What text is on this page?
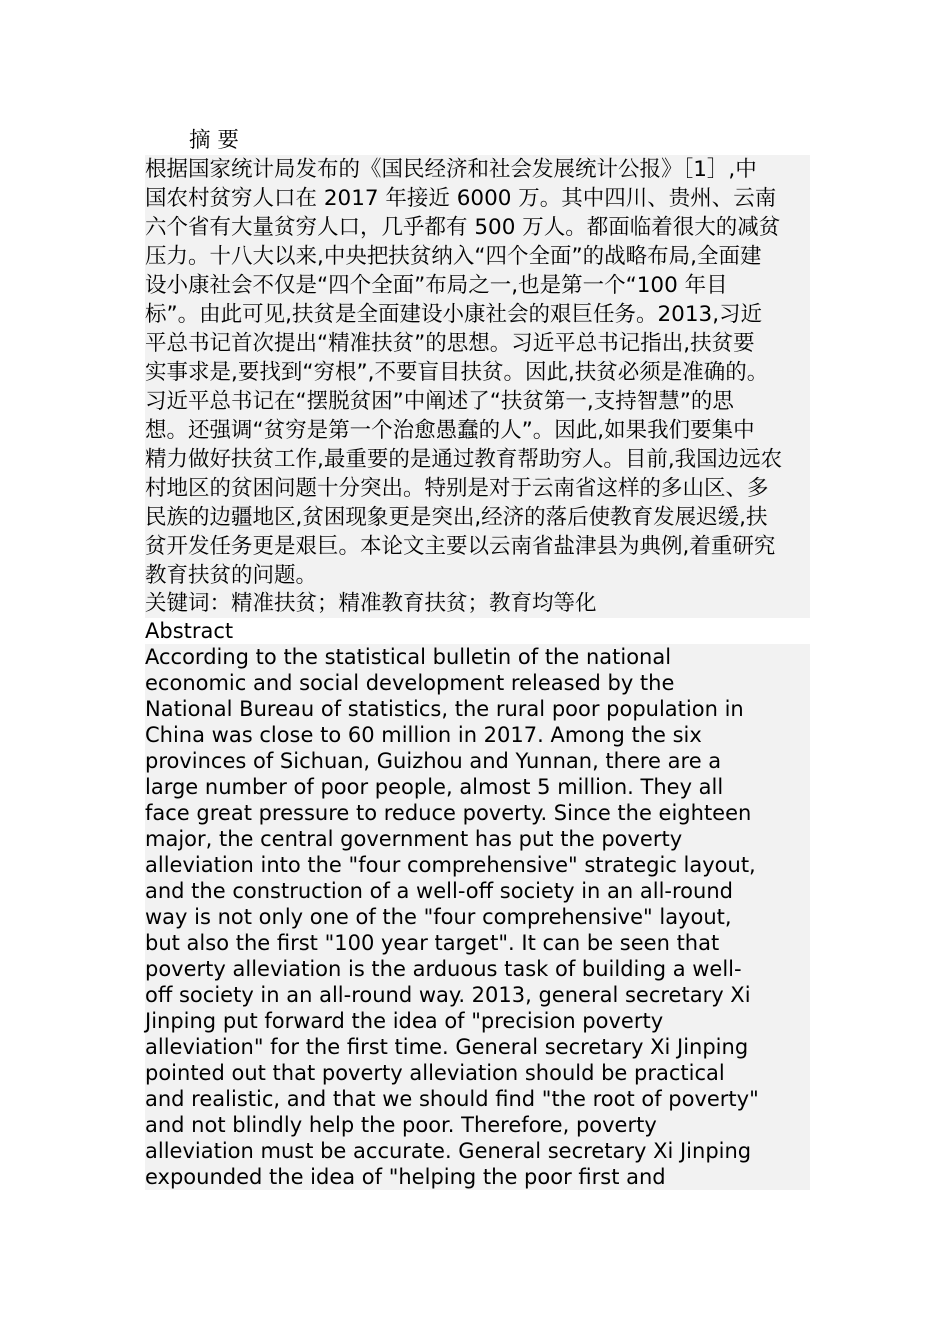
摘 要
根据国家统计局发布的《国民经济和社会发展统计公报》［1］,中
国农村贫穷人口在 2017 年接近 6000 万。其中四川、贵州、云南
六个省有大量贫穷人口，几乎都有 500 万人。都面临着很大的减贫
压力。十八大以来,中央把扶贫纳入“四个全面”的战略布局,全面建
设小康社会不仅是“四个全面”布局之一,也是第一个“100 年目
标”。由此可见,扶贫是全面建设小康社会的艰巨任务。2013,习近
平总书记首次提出“精准扶贫”的思想。习近平总书记指出,扶贫要
实事求是,要找到“穷根”,不要盲目扶贫。因此,扶贫必须是准确的。
习近平总书记在“摆脱贫困”中阐述了“扶贫第一,支持智慧”的思
想。还强调“贫穷是第一个治愈愚蠢的人”。因此,如果我们要集中
精力做好扶贫工作,最重要的是通过教育帮助穷人。目前,我国边远农
村地区的贫困问题十分突出。特别是对于云南省这样的多山区、多
民族的边疆地区,贫困现象更是突出,经济的落后使教育发展迟缓,扶
贫开发任务更是艰巨。本论文主要以云南省盐津县为典例,着重研究
教育扶贫的问题。
关键词：精准扶贫；精准教育扶贫；教育均等化
Abstract
According to the statistical bulletin of the national
economic and social development released by the
National Bureau of statistics, the rural poor population in
China was close to 60 million in 2017. Among the six
provinces of Sichuan, Guizhou and Yunnan, there are a
large number of poor people, almost 5 million. They all
face great pressure to reduce poverty. Since the eighteen
major, the central government has put the poverty
alleviation into the "four comprehensive" strategic layout,
and the construction of a well-off society in an all-round
way is not only one of the "four comprehensive" layout,
but also the first "100 year target". It can be seen that
poverty alleviation is the arduous task of building a well-
off society in an all-round way. 2013, general secretary Xi
Jinping put forward the idea of "precision poverty
alleviation" for the first time. General secretary Xi Jinping
pointed out that poverty alleviation should be practical
and realistic, and that we should find "the root of poverty"
and not blindly help the poor. Therefore, poverty
alleviation must be accurate. General secretary Xi Jinping
expounded the idea of "helping the poor first and
